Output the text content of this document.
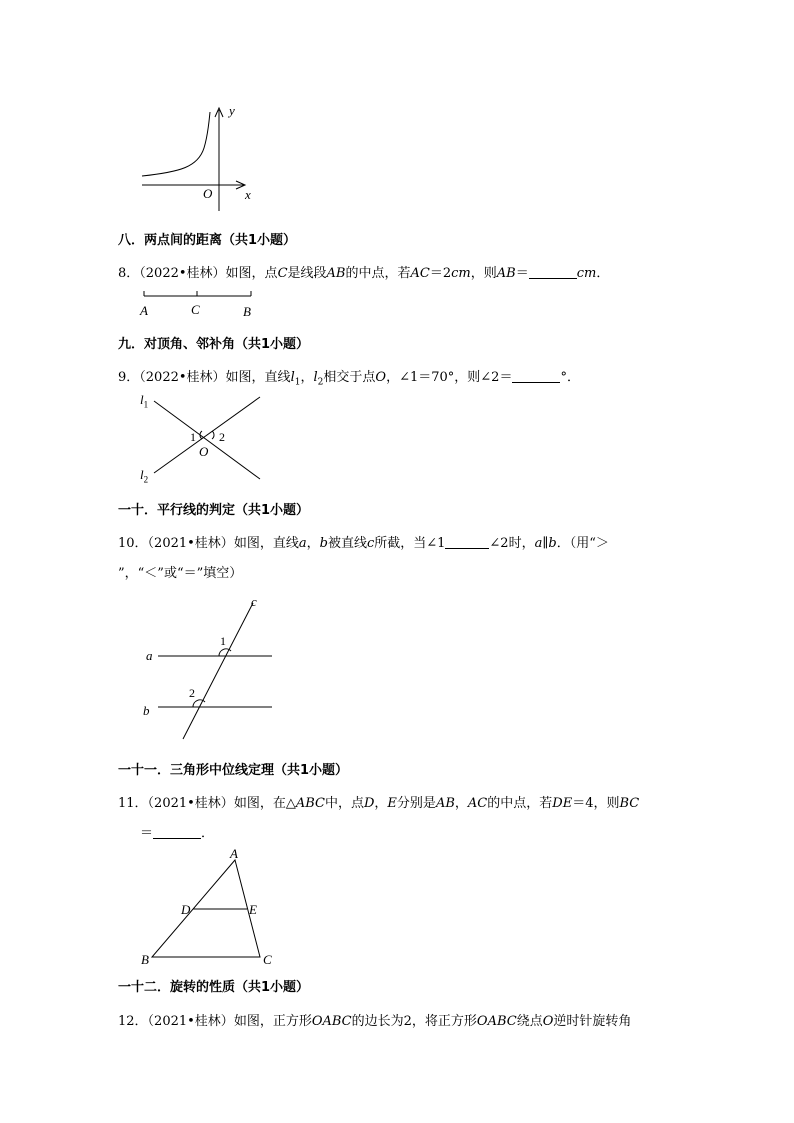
y
x
O
八．两点间的距离（共1小题）
8．（2022•桂林）如图，点C是线段AB的中点，若AC＝2cm，则AB＝	cm．
A	C	B
九．对顶角、邻补角（共1小题）
9．（2022•桂林）如图，直线$l_1$，$l_2$相交于点O，∠1＝70°，则∠2＝	°．
$l_1$
$l_2$
1 2
O
一十．平行线的判定（共1小题）
10．（2021•桂林）如图，直线a，b被直线c所截，当∠1	∠2时，a∥b．（用“＞
”，“＜”或“＝”填空）
c
a
b
1
2
一十一．三角形中位线定理（共1小题）
11．（2021•桂林）如图，在△ABC中，点D，E分别是AB，AC的中点，若DE＝4，则BC
＝	．
A
D	E
B	C
一十二．旋转的性质（共1小题）
12．（2021•桂林）如图，正方形OABC的边长为2，将正方形OABC绕点O逆时针旋转角
